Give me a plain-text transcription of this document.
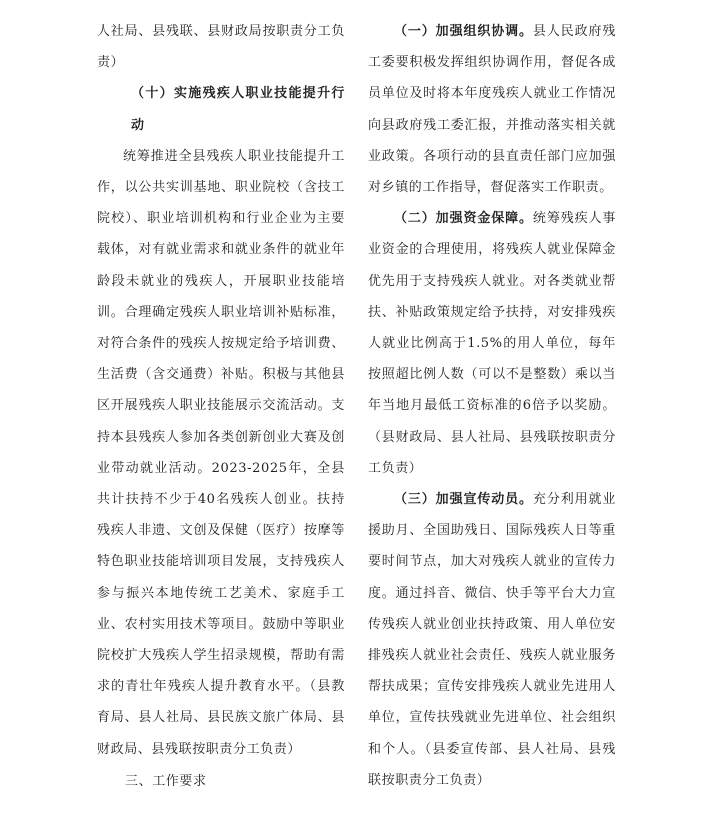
人社局、县残联、县财政局按职责分工负责）

（十）实施残疾人职业技能提升行动

统筹推进全县残疾人职业技能提升工作，以公共实训基地、职业院校（含技工院校）、职业培训机构和行业企业为主要载体，对有就业需求和就业条件的就业年龄段未就业的残疾人，开展职业技能培训。合理确定残疾人职业培训补贴标准，对符合条件的残疾人按规定给予培训费、生活费（含交通费）补贴。积极与其他县区开展残疾人职业技能展示交流活动。支持本县残疾人参加各类创新创业大赛及创业带动就业活动。2023-2025年，全县共计扶持不少于40名残疾人创业。扶持残疾人非遗、文创及保健（医疗）按摩等特色职业技能培训项目发展，支持残疾人参与振兴本地传统工艺美术、家庭手工业、农村实用技术等项目。鼓励中等职业院校扩大残疾人学生招录规模，帮助有需求的青壮年残疾人提升教育水平。（县教育局、县人社局、县民族文旅广体局、县财政局、县残联按职责分工负责）

三、工作要求

（一）加强组织协调。县人民政府残工委要积极发挥组织协调作用，督促各成员单位及时将本年度残疾人就业工作情况向县政府残工委汇报，并推动落实相关就业政策。各项行动的县直责任部门应加强对乡镇的工作指导，督促落实工作职责。

（二）加强资金保障。统筹残疾人事业资金的合理使用，将残疾人就业保障金优先用于支持残疾人就业。对各类就业帮扶、补贴政策规定给予扶持，对安排残疾人就业比例高于1.5%的用人单位，每年按照超比例人数（可以不是整数）乘以当年当地月最低工资标准的6倍予以奖励。（县财政局、县人社局、县残联按职责分工负责）

（三）加强宣传动员。充分利用就业援助月、全国助残日、国际残疾人日等重要时间节点，加大对残疾人就业的宣传力度。通过抖音、微信、快手等平台大力宣传残疾人就业创业扶持政策、用人单位安排残疾人就业社会责任、残疾人就业服务帮扶成果；宣传安排残疾人就业先进用人单位，宣传扶残就业先进单位、社会组织和个人。（县委宣传部、县人社局、县残联按职责分工负责）
